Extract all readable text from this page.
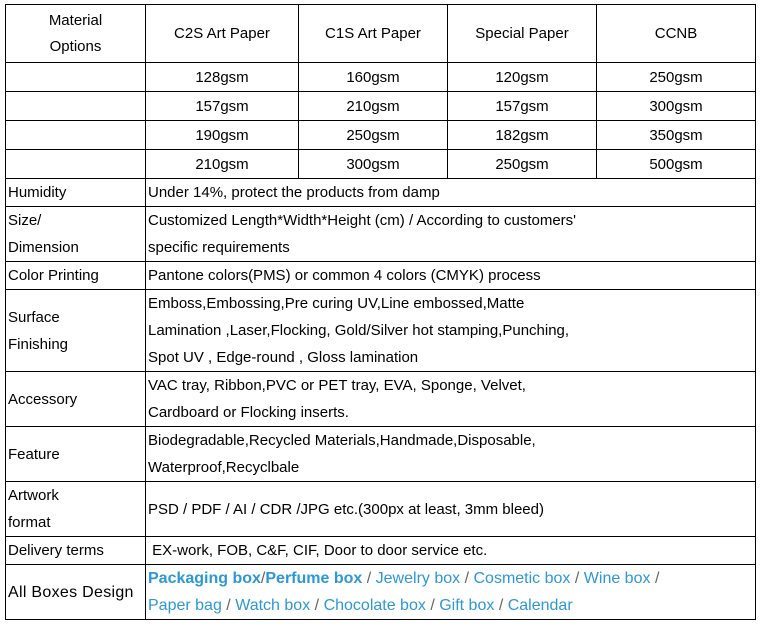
Material
Options	C2S Art Paper	C1S Art Paper	Special Paper	CCNB
	128gsm	160gsm	120gsm	250gsm
	157gsm	210gsm	157gsm	300gsm
	190gsm	250gsm	182gsm	350gsm
	210gsm	300gsm	250gsm	500gsm
Humidity	Under 14%, protect the products from damp			
Size/
Dimension	Customized Length*Width*Height (cm) / According to customers'
specific requirements			
Color Printing	Pantone colors(PMS) or common 4 colors (CMYK) process			
Surface
Finishing	Emboss,Embossing,Pre curing UV,Line embossed,Matte
Lamination ,Laser,Flocking, Gold/Silver hot stamping,Punching,
Spot UV , Edge-round , Gloss lamination			
Accessory	VAC tray, Ribbon,PVC or PET tray, EVA, Sponge, Velvet,
Cardboard or Flocking inserts.			
Feature	Biodegradable,Recycled Materials,Handmade,Disposable,
Waterproof,Recyclbale			
Artwork
format	PSD / PDF / AI / CDR /JPG etc.(300px at least, 3mm bleed)			
Delivery terms	EX-work, FOB, C&F, CIF, Door to door service etc.			
All Boxes Design	Packaging box/Perfume box / Jewelry box / Cosmetic box / Wine box /
Paper bag / Watch box / Chocolate box / Gift box / Calendar			
